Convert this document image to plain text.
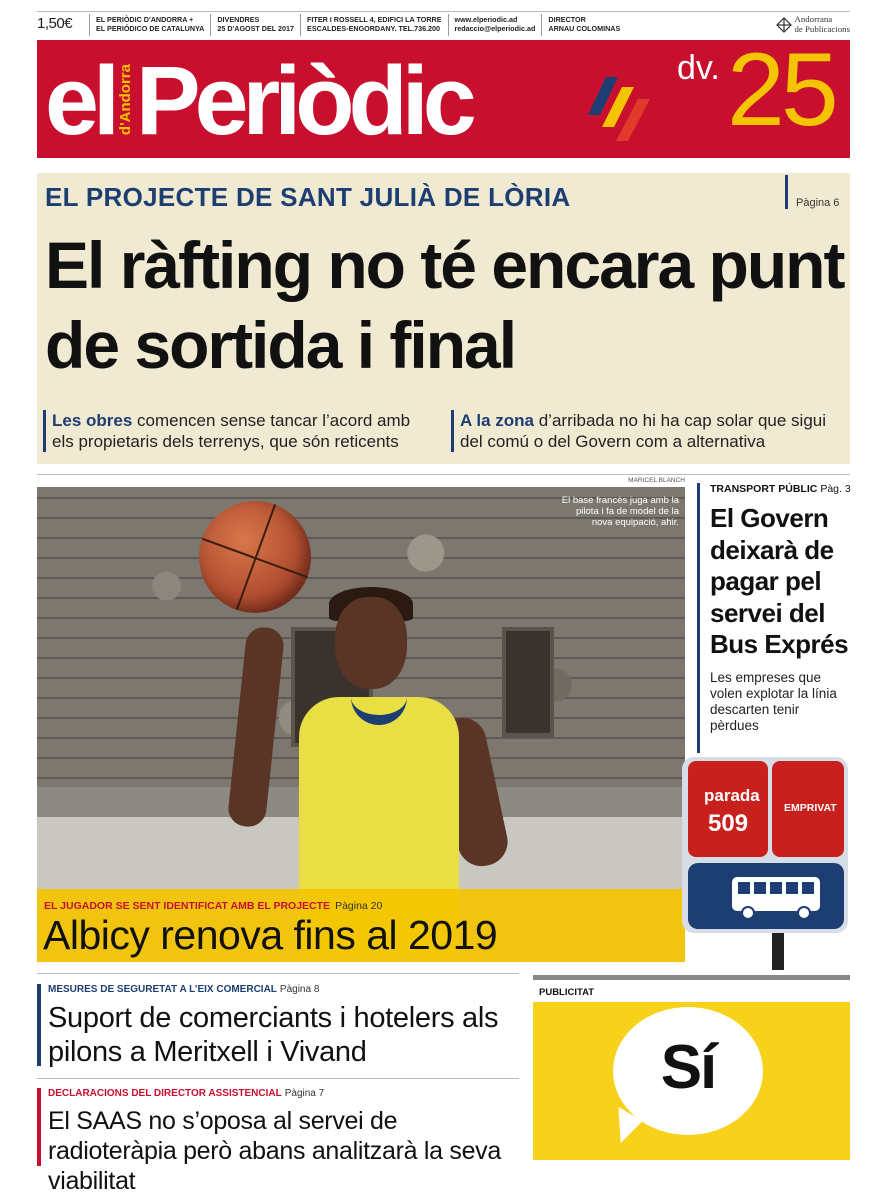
1,50€	EL PERIÒDIC D'ANDORRA +
EL PERIÓDICO DE CATALUNYA
DIVENDRES
25 D'AGOST DEL 2017
FITER I ROSSELL 4, EDIFICI LA TORRE
ESCALDES-ENGORDANY. TEL.736.200
www.elperiodic.ad
redaccio@elperiodic.ad
DIRECTOR
ARNAU COLOMINAS
Andorrana
de Publicacions
el d'AndorraPeriòdic	dv. 25
EL PROJECTE DE SANT JULIÀ DE LÒRIA	Pàgina 6
El ràfting no té encara punt de sortida i final
Les obres comencen sense tancar l’acord amb els propietaris dels terrenys, que són reticents
A la zona d’arribada no hi ha cap solar que sigui del comú o del Govern com a alternativa
MARICEL BLANCH
El base francès juga amb la pilota i fa de model de la nova equipació, ahir.
EL JUGADOR SE SENT IDENTIFICAT AMB EL PROJECTE Pàgina 20
Albicy renova fins al 2019
TRANSPORT PÚBLIC Pàg. 3
El Govern deixarà de pagar pel servei del Bus Exprés

Les empreses que volen explotar la línia descarten tenir pèrdues

parada
509
EMPRIVAT
MESURES DE SEGURETAT A L’EIX COMERCIAL Pàgina 8
Suport de comerciants i hotelers als pilons a Meritxell i Vivand
DECLARACIONS DEL DIRECTOR ASSISTENCIAL Pàgina 7
El SAAS no s’oposa al servei de radioteràpia però abans analitzarà la seva viabilitat
PUBLICITAT
Sí
